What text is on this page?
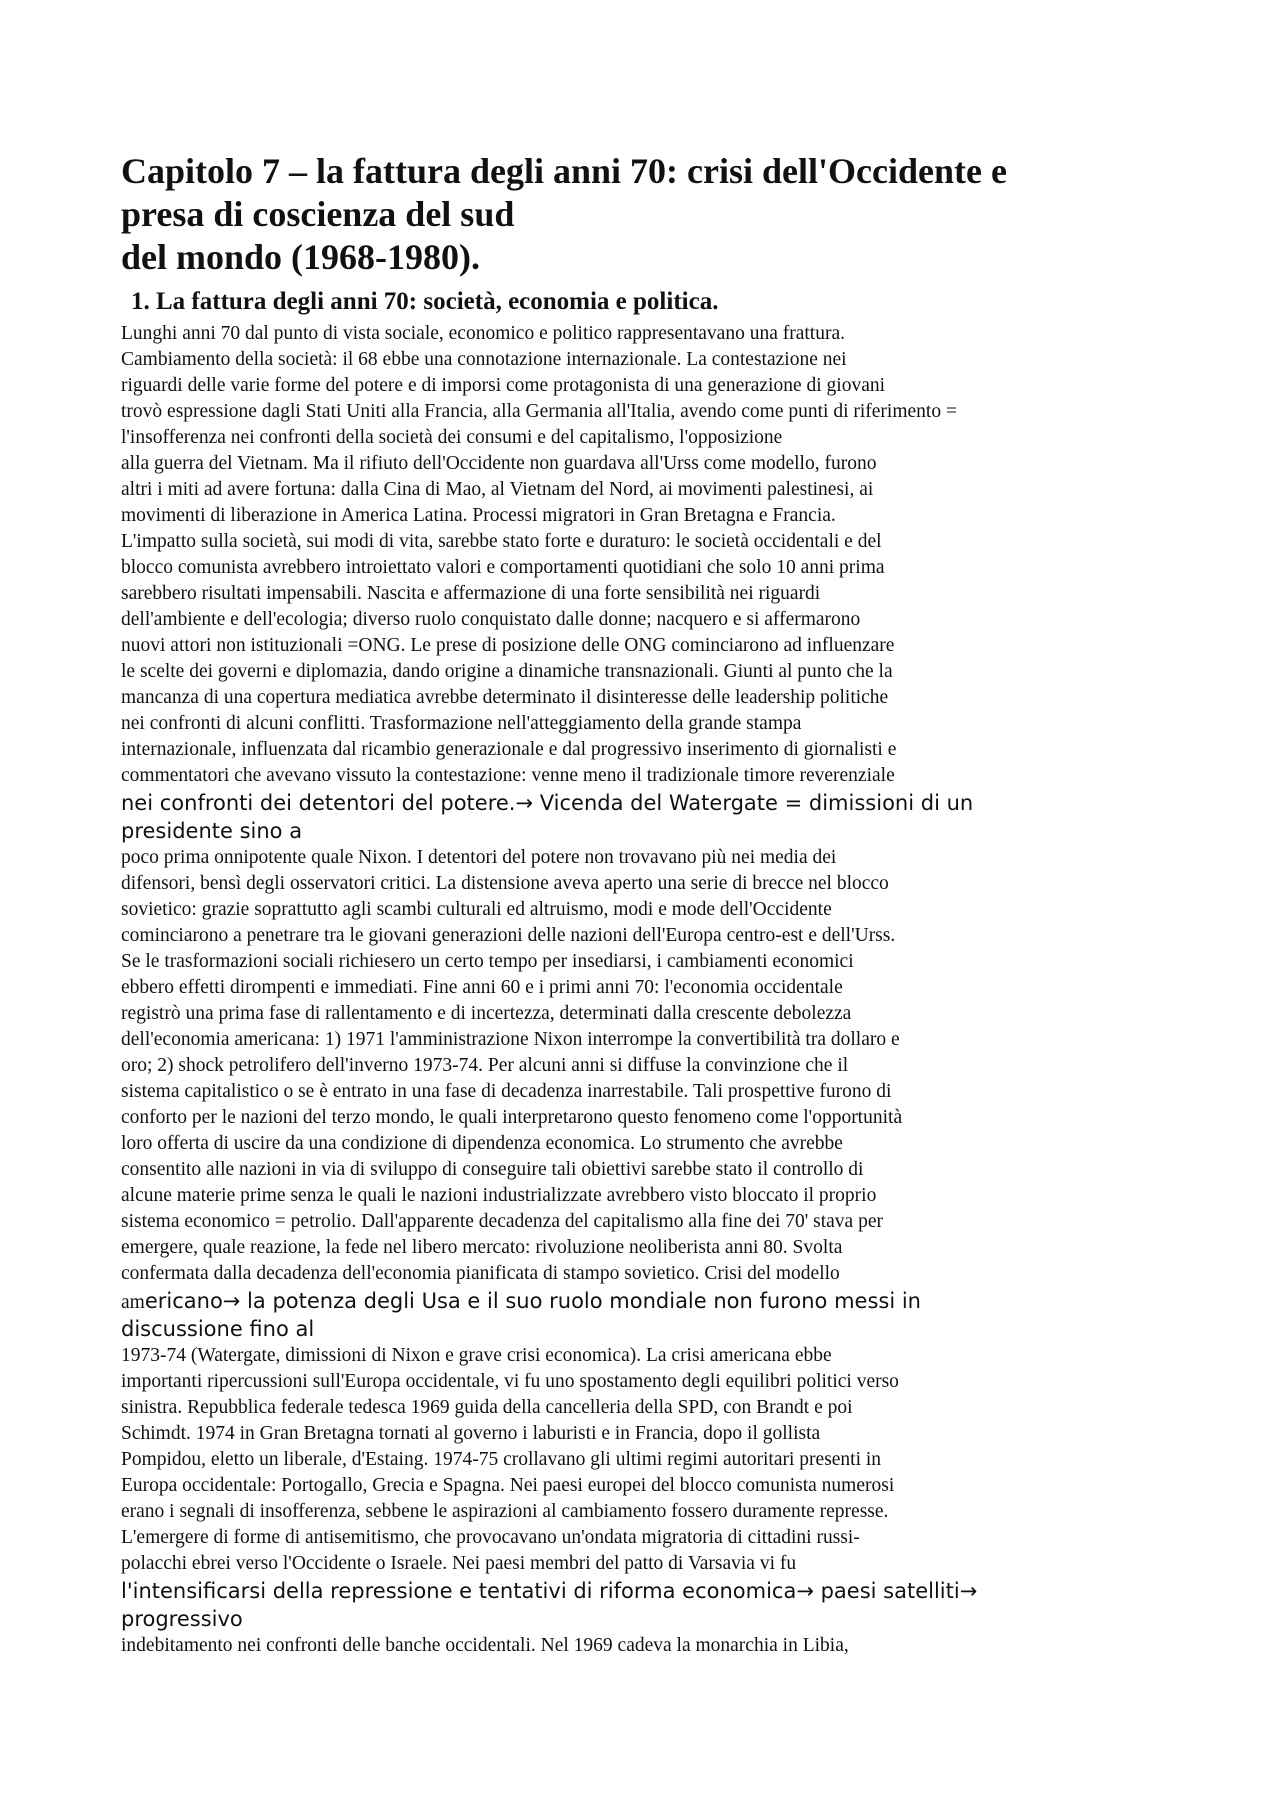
Capitolo 7 – la fattura degli anni 70: crisi dell'Occidente e
presa di coscienza del sud
del mondo (1968-1980).
1. La fattura degli anni 70: società, economia e politica.
Lunghi anni 70 dal punto di vista sociale, economico e politico rappresentavano una frattura.
Cambiamento della società: il 68 ebbe una connotazione internazionale. La contestazione nei
riguardi delle varie forme del potere e di imporsi come protagonista di una generazione di giovani
trovò espressione dagli Stati Uniti alla Francia, alla Germania all'Italia, avendo come punti di riferimento =
l'insofferenza nei confronti della società dei consumi e del capitalismo, l'opposizione
alla guerra del Vietnam. Ma il rifiuto dell'Occidente non guardava all'Urss come modello, furono
altri i miti ad avere fortuna: dalla Cina di Mao, al Vietnam del Nord, ai movimenti palestinesi, ai
movimenti di liberazione in America Latina. Processi migratori in Gran Bretagna e Francia.
L'impatto sulla società, sui modi di vita, sarebbe stato forte e duraturo: le società occidentali e del
blocco comunista avrebbero introiettato valori e comportamenti quotidiani che solo 10 anni prima
sarebbero risultati impensabili. Nascita e affermazione di una forte sensibilità nei riguardi
dell'ambiente e dell'ecologia; diverso ruolo conquistato dalle donne; nacquero e si affermarono
nuovi attori non istituzionali =ONG. Le prese di posizione delle ONG cominciarono ad influenzare
le scelte dei governi e diplomazia, dando origine a dinamiche transnazionali. Giunti al punto che la
mancanza di una copertura mediatica avrebbe determinato il disinteresse delle leadership politiche
nei confronti di alcuni conflitti. Trasformazione nell'atteggiamento della grande stampa
internazionale, influenzata dal ricambio generazionale e dal progressivo inserimento di giornalisti e
commentatori che avevano vissuto la contestazione: venne meno il tradizionale timore reverenziale
nei confronti dei detentori del potere.→ Vicenda del Watergate = dimissioni di un
presidente sino a
poco prima onnipotente quale Nixon. I detentori del potere non trovavano più nei media dei
difensori, bensì degli osservatori critici. La distensione aveva aperto una serie di brecce nel blocco
sovietico: grazie soprattutto agli scambi culturali ed altruismo, modi e mode dell'Occidente
cominciarono a penetrare tra le giovani generazioni delle nazioni dell'Europa centro-est e dell'Urss.
Se le trasformazioni sociali richiesero un certo tempo per insediarsi, i cambiamenti economici
ebbero effetti dirompenti e immediati. Fine anni 60 e i primi anni 70: l'economia occidentale
registrò una prima fase di rallentamento e di incertezza, determinati dalla crescente debolezza
dell'economia americana: 1) 1971 l'amministrazione Nixon interrompe la convertibilità tra dollaro e
oro; 2) shock petrolifero dell'inverno 1973-74. Per alcuni anni si diffuse la convinzione che il
sistema capitalistico o se è entrato in una fase di decadenza inarrestabile. Tali prospettive furono di
conforto per le nazioni del terzo mondo, le quali interpretarono questo fenomeno come l'opportunità
loro offerta di uscire da una condizione di dipendenza economica. Lo strumento che avrebbe
consentito alle nazioni in via di sviluppo di conseguire tali obiettivi sarebbe stato il controllo di
alcune materie prime senza le quali le nazioni industrializzate avrebbero visto bloccato il proprio
sistema economico = petrolio. Dall'apparente decadenza del capitalismo alla fine dei 70' stava per
emergere, quale reazione, la fede nel libero mercato: rivoluzione neoliberista anni 80. Svolta
confermata dalla decadenza dell'economia pianificata di stampo sovietico. Crisi del modello
americano→ la potenza degli Usa e il suo ruolo mondiale non furono messi in
discussione fino al
1973-74 (Watergate, dimissioni di Nixon e grave crisi economica). La crisi americana ebbe
importanti ripercussioni sull'Europa occidentale, vi fu uno spostamento degli equilibri politici verso
sinistra. Repubblica federale tedesca 1969 guida della cancelleria della SPD, con Brandt e poi
Schimdt. 1974 in Gran Bretagna tornati al governo i laburisti e in Francia, dopo il gollista
Pompidou, eletto un liberale, d'Estaing. 1974-75 crollavano gli ultimi regimi autoritari presenti in
Europa occidentale: Portogallo, Grecia e Spagna. Nei paesi europei del blocco comunista numerosi
erano i segnali di insofferenza, sebbene le aspirazioni al cambiamento fossero duramente represse.
L'emergere di forme di antisemitismo, che provocavano un'ondata migratoria di cittadini russi-
polacchi ebrei verso l'Occidente o Israele. Nei paesi membri del patto di Varsavia vi fu
l'intensificarsi della repressione e tentativi di riforma economica→ paesi satelliti→
progressivo
indebitamento nei confronti delle banche occidentali. Nel 1969 cadeva la monarchia in Libia,
